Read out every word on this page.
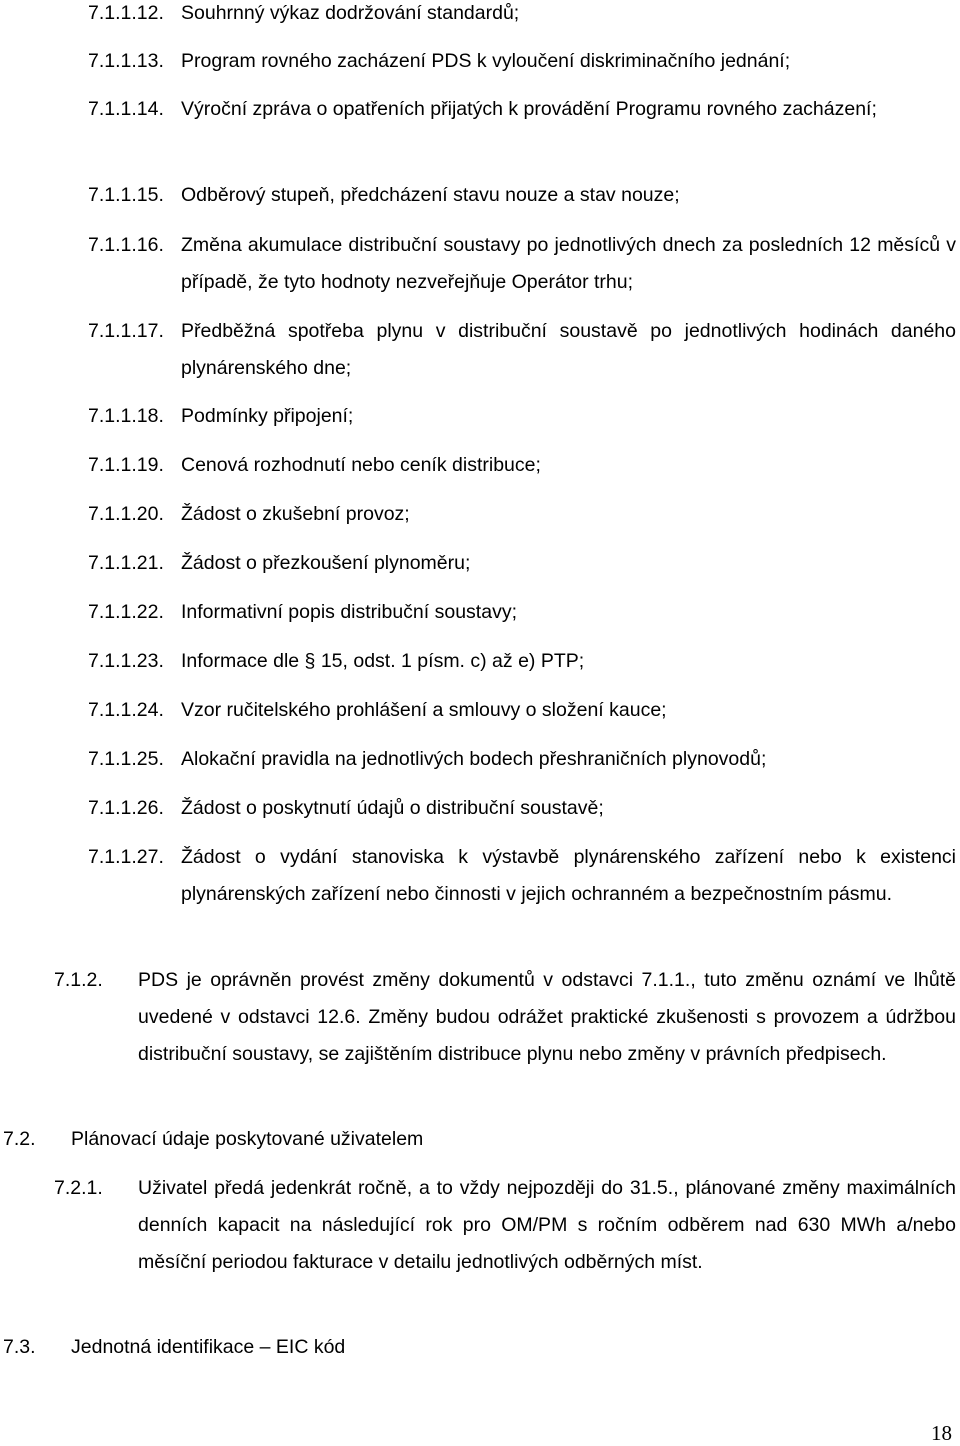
7.1.1.12. Souhrnný výkaz dodržování standardů;
7.1.1.13. Program rovného zacházení PDS k vyloučení diskriminačního jednání;
7.1.1.14. Výroční zpráva o opatřeních přijatých k provádění Programu rovného zacházení;
7.1.1.15. Odběrový stupeň, předcházení stavu nouze a stav nouze;
7.1.1.16. Změna akumulace distribuční soustavy po jednotlivých dnech za posledních 12 měsíců v případě, že tyto hodnoty nezveřejňuje Operátor trhu;
7.1.1.17. Předběžná spotřeba plynu v distribuční soustavě po jednotlivých hodinách daného plynárenského dne;
7.1.1.18. Podmínky připojení;
7.1.1.19. Cenová rozhodnutí nebo ceník distribuce;
7.1.1.20. Žádost o zkušební provoz;
7.1.1.21. Žádost o přezkoušení plynoměru;
7.1.1.22. Informativní popis distribuční soustavy;
7.1.1.23. Informace dle § 15, odst. 1 písm. c) až e) PTP;
7.1.1.24. Vzor ručitelského prohlášení a smlouvy o složení kauce;
7.1.1.25. Alokační pravidla na jednotlivých bodech přeshraničních plynovodů;
7.1.1.26. Žádost o poskytnutí údajů o distribuční soustavě;
7.1.1.27. Žádost o vydání stanoviska k výstavbě plynárenského zařízení nebo k existenci plynárenských zařízení nebo činnosti v jejich ochranném a bezpečnostním pásmu.
7.1.2.	PDS je oprávněn provést změny dokumentů v odstavci 7.1.1., tuto změnu oznámí ve lhůtě uvedené v odstavci 12.6. Změny budou odrážet praktické zkušenosti s provozem a údržbou distribuční soustavy, se zajištěním distribuce plynu nebo změny v právních předpisech.
7.2.	Plánovací údaje poskytované uživatelem
7.2.1.	Uživatel předá jedenkrát ročně, a to vždy nejpozději do 31.5., plánované změny maximálních denních kapacit na následující rok pro OM/PM s ročním odběrem nad 630 MWh a/nebo měsíční periodou fakturace v detailu jednotlivých odběrných míst.
7.3.	Jednotná identifikace – EIC kód
18
